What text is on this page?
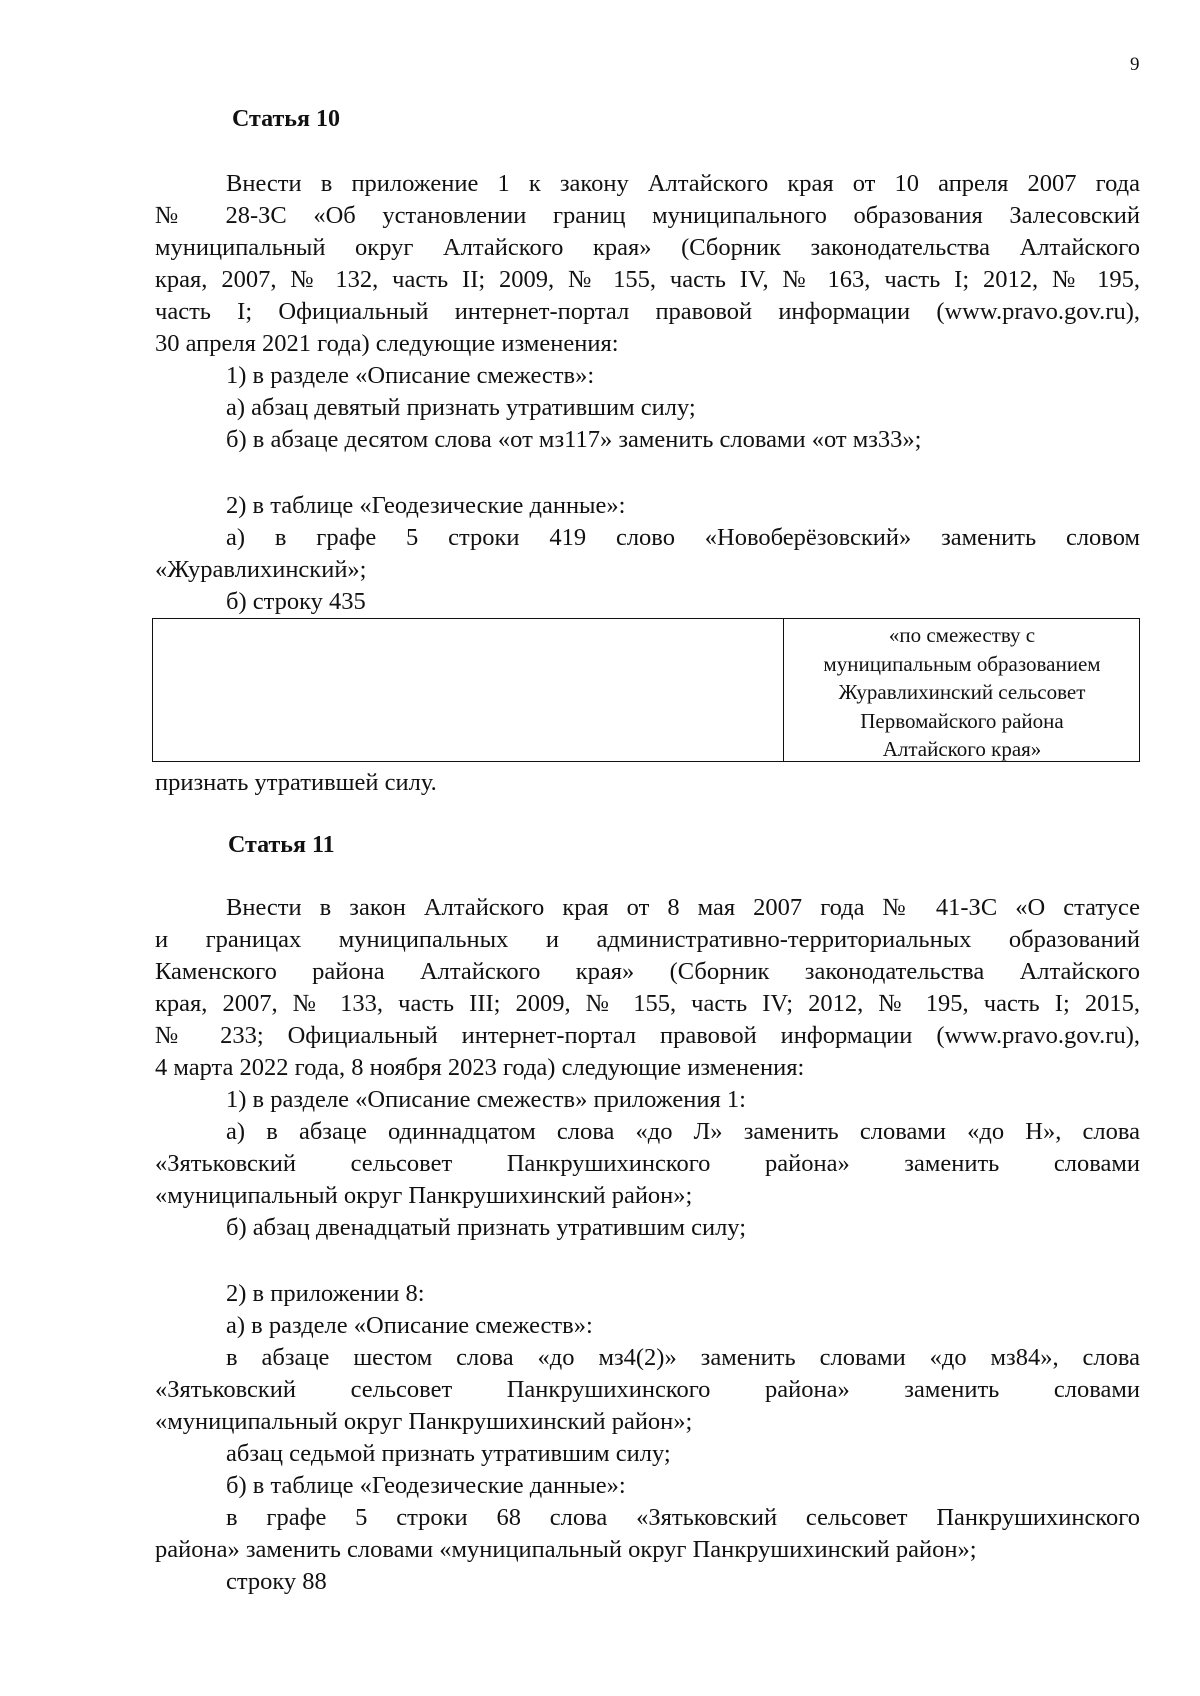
9
Статья 10
Внести в приложение 1 к закону Алтайского края от 10 апреля 2007 года
№ 28-ЗС «Об установлении границ муниципального образования Залесовский
муниципальный округ Алтайского края» (Сборник законодательства Алтайского
края, 2007, № 132, часть II; 2009, № 155, часть IV, № 163, часть I; 2012, № 195,
часть I; Официальный интернет-портал правовой информации (www.pravo.gov.ru),
30 апреля 2021 года) следующие изменения:
1) в разделе «Описание смежеств»:
а) абзац девятый признать утратившим силу;
б) в абзаце десятом слова «от мз117» заменить словами «от мз33»;
2) в таблице «Геодезические данные»:
а) в графе 5 строки 419 слово «Новоберёзовский» заменить словом
«Журавлихинский»;
б) строку 435
«по смежеству с
муниципальным образованием
Журавлихинский сельсовет
Первомайского района
Алтайского края»
признать утратившей силу.
Статья 11
Внести в закон Алтайского края от 8 мая 2007 года № 41-ЗС «О статусе
и границах муниципальных и административно-территориальных образований
Каменского района Алтайского края» (Сборник законодательства Алтайского
края, 2007, № 133, часть III; 2009, № 155, часть IV; 2012, № 195, часть I; 2015,
№ 233; Официальный интернет-портал правовой информации (www.pravo.gov.ru),
4 марта 2022 года, 8 ноября 2023 года) следующие изменения:
1) в разделе «Описание смежеств» приложения 1:
а) в абзаце одиннадцатом слова «до Л» заменить словами «до Н», слова
«Зятьковский сельсовет Панкрушихинского района» заменить словами
«муниципальный округ Панкрушихинский район»;
б) абзац двенадцатый признать утратившим силу;
2) в приложении 8:
а) в разделе «Описание смежеств»:
в абзаце шестом слова «до мз4(2)» заменить словами «до мз84», слова
«Зятьковский сельсовет Панкрушихинского района» заменить словами
«муниципальный округ Панкрушихинский район»;
абзац седьмой признать утратившим силу;
б) в таблице «Геодезические данные»:
в графе 5 строки 68 слова «Зятьковский сельсовет Панкрушихинского
района» заменить словами «муниципальный округ Панкрушихинский район»;
строку 88
